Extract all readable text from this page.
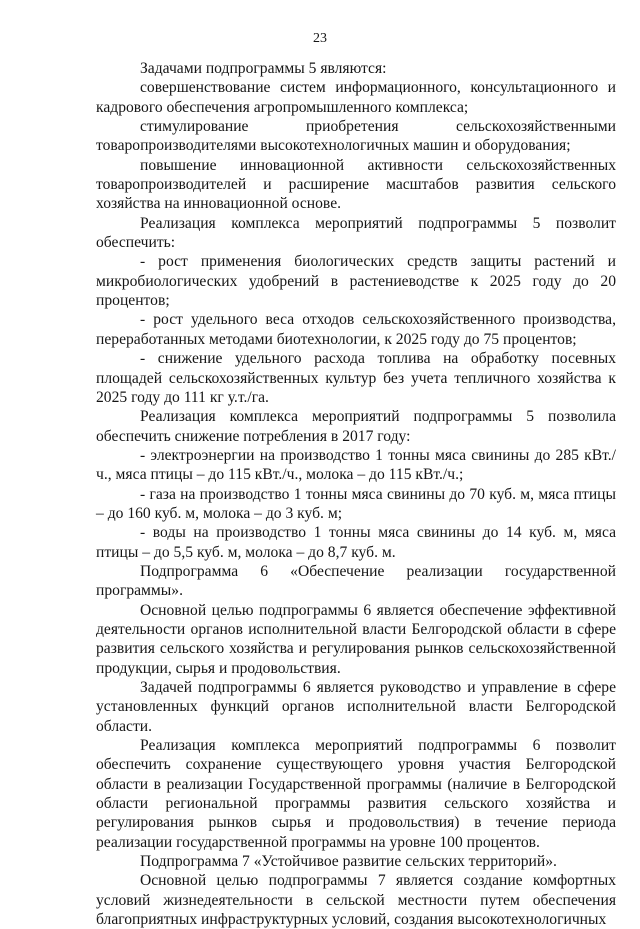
23

Задачами подпрограммы 5 являются:

совершенствование систем информационного, консультационного и кадрового обеспечения агропромышленного комплекса;

стимулирование приобретения сельскохозяйственными товаропроизводителями высокотехнологичных машин и оборудования;

повышение инновационной активности сельскохозяйственных товаропроизводителей и расширение масштабов развития сельского хозяйства на инновационной основе.

Реализация комплекса мероприятий подпрограммы 5 позволит обеспечить:

- рост применения биологических средств защиты растений и микробиологических удобрений в растениеводстве к 2025 году до 20 процентов;

- рост удельного веса отходов сельскохозяйственного производства, переработанных методами биотехнологии, к 2025 году до 75 процентов;

- снижение удельного расхода топлива на обработку посевных площадей сельскохозяйственных культур без учета тепличного хозяйства к 2025 году до 111 кг у.т./га.

Реализация комплекса мероприятий подпрограммы 5 позволила обеспечить снижение потребления в 2017 году:

- электроэнергии на производство 1 тонны мяса свинины до 285 кВт./ч., мяса птицы – до 115 кВт./ч., молока – до 115 кВт./ч.;

- газа на производство 1 тонны мяса свинины до 70 куб. м, мяса птицы – до 160 куб. м, молока – до 3 куб. м;

- воды на производство 1 тонны мяса свинины до 14 куб. м, мяса птицы – до 5,5 куб. м, молока – до 8,7 куб. м.

Подпрограмма 6 «Обеспечение реализации государственной программы».

Основной целью подпрограммы 6 является обеспечение эффективной деятельности органов исполнительной власти Белгородской области в сфере развития сельского хозяйства и регулирования рынков сельскохозяйственной продукции, сырья и продовольствия.

Задачей подпрограммы 6 является руководство и управление в сфере установленных функций органов исполнительной власти Белгородской области.

Реализация комплекса мероприятий подпрограммы 6 позволит обеспечить сохранение существующего уровня участия Белгородской области в реализации Государственной программы (наличие в Белгородской области региональной программы развития сельского хозяйства и регулирования рынков сырья и продовольствия) в течение периода реализации государственной программы на уровне 100 процентов.

Подпрограмма 7 «Устойчивое развитие сельских территорий».

Основной целью подпрограммы 7 является создание комфортных условий жизнедеятельности в сельской местности путем обеспечения благоприятных инфраструктурных условий, создания высокотехнологичных
